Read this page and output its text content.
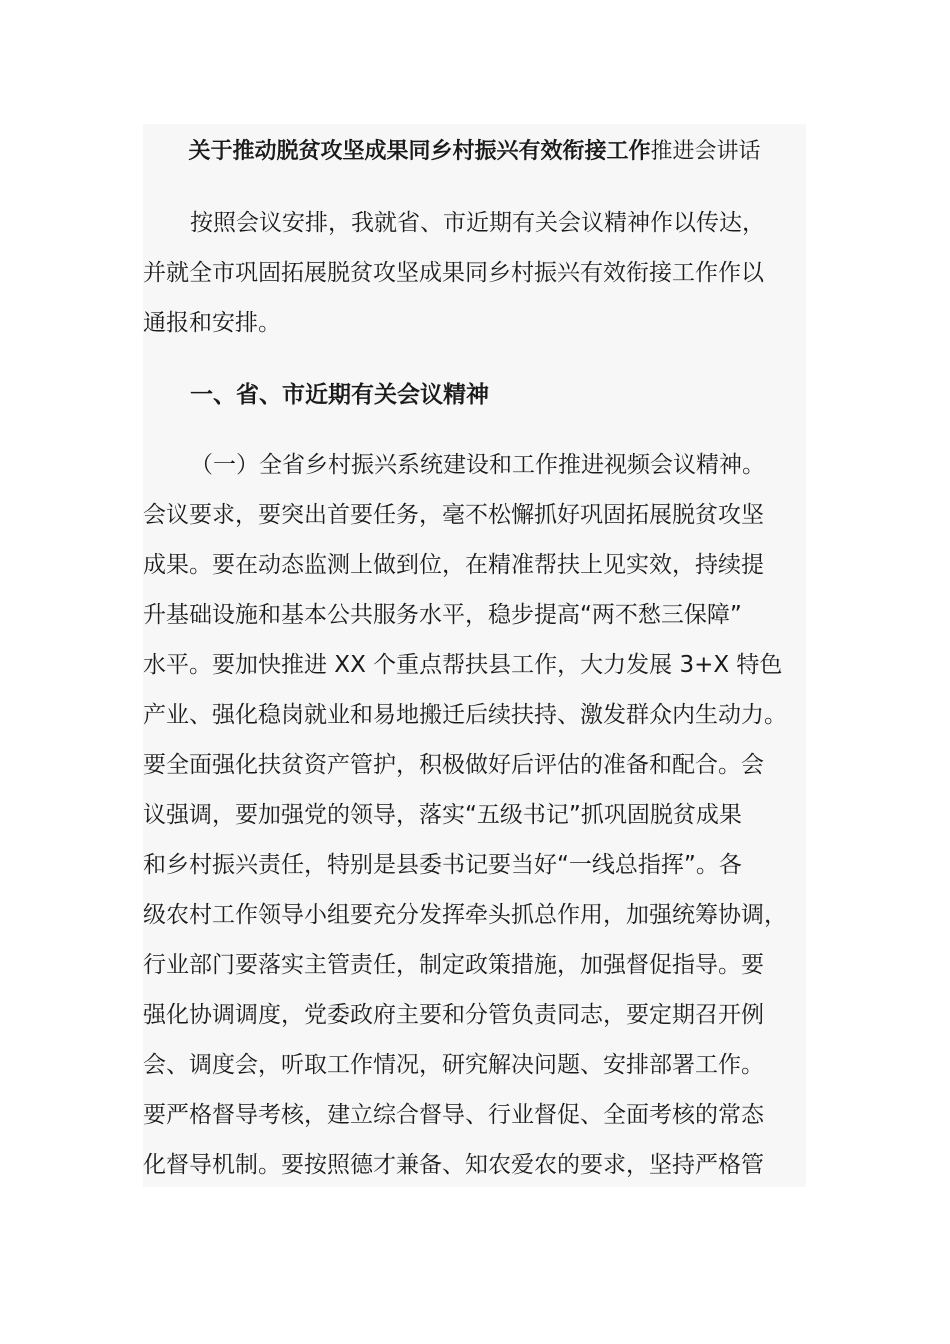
关于推动脱贫攻坚成果同乡村振兴有效衔接工作推进会讲话
按照会议安排，我就省、市近期有关会议精神作以传达，
并就全市巩固拓展脱贫攻坚成果同乡村振兴有效衔接工作作以
通报和安排。
一、省、市近期有关会议精神
（一）全省乡村振兴系统建设和工作推进视频会议精神。
会议要求，要突出首要任务，毫不松懈抓好巩固拓展脱贫攻坚
成果。要在动态监测上做到位，在精准帮扶上见实效，持续提
升基础设施和基本公共服务水平，稳步提高“两不愁三保障”
水平。要加快推进 XX 个重点帮扶县工作，大力发展 3+X 特色
产业、强化稳岗就业和易地搬迁后续扶持、激发群众内生动力。
要全面强化扶贫资产管护，积极做好后评估的准备和配合。会
议强调，要加强党的领导，落实“五级书记”抓巩固脱贫成果
和乡村振兴责任，特别是县委书记要当好“一线总指挥”。各
级农村工作领导小组要充分发挥牵头抓总作用，加强统筹协调，
行业部门要落实主管责任，制定政策措施，加强督促指导。要
强化协调调度，党委政府主要和分管负责同志，要定期召开例
会、调度会，听取工作情况，研究解决问题、安排部署工作。
要严格督导考核，建立综合督导、行业督促、全面考核的常态
化督导机制。要按照德才兼备、知农爱农的要求，坚持严格管
